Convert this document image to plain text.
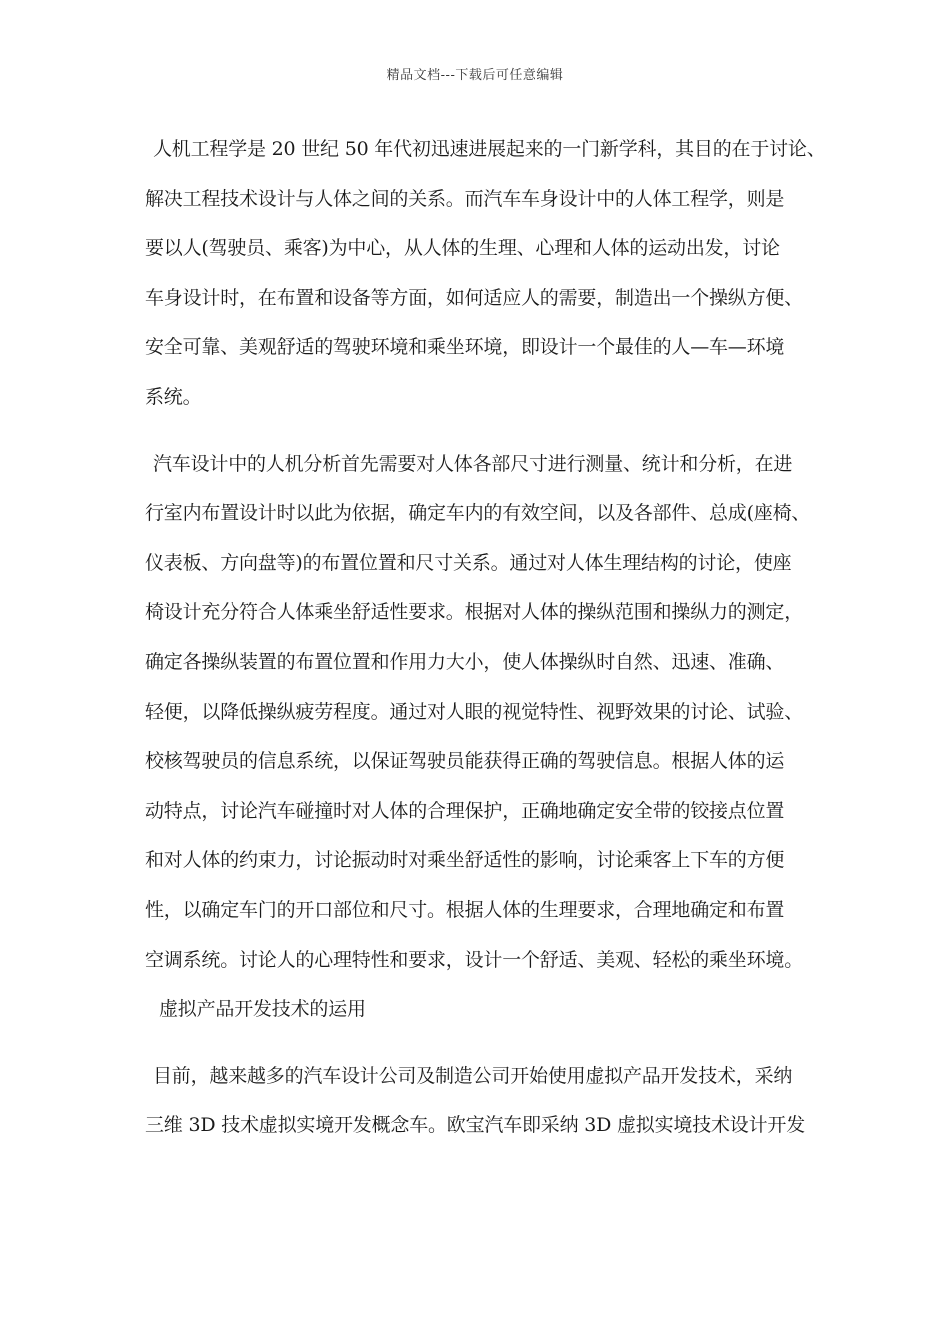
精品文档---下载后可任意编辑
人机工程学是 20 世纪 50 年代初迅速进展起来的一门新学科，其目的在于讨论、
解决工程技术设计与人体之间的关系。而汽车车身设计中的人体工程学，则是
要以人(驾驶员、乘客)为中心，从人体的生理、心理和人体的运动出发，讨论
车身设计时，在布置和设备等方面，如何适应人的需要，制造出一个操纵方便、
安全可靠、美观舒适的驾驶环境和乘坐环境，即设计一个最佳的人—车—环境
系统。
汽车设计中的人机分析首先需要对人体各部尺寸进行测量、统计和分析，在进
行室内布置设计时以此为依据，确定车内的有效空间，以及各部件、总成(座椅、
仪表板、方向盘等)的布置位置和尺寸关系。通过对人体生理结构的讨论，使座
椅设计充分符合人体乘坐舒适性要求。根据对人体的操纵范围和操纵力的测定，
确定各操纵装置的布置位置和作用力大小，使人体操纵时自然、迅速、准确、
轻便，以降低操纵疲劳程度。通过对人眼的视觉特性、视野效果的讨论、试验、
校核驾驶员的信息系统，以保证驾驶员能获得正确的驾驶信息。根据人体的运
动特点，讨论汽车碰撞时对人体的合理保护，正确地确定安全带的铰接点位置
和对人体的约束力，讨论振动时对乘坐舒适性的影响，讨论乘客上下车的方便
性，以确定车门的开口部位和尺寸。根据人体的生理要求，合理地确定和布置
空调系统。讨论人的心理特性和要求，设计一个舒适、美观、轻松的乘坐环境。
虚拟产品开发技术的运用
目前，越来越多的汽车设计公司及制造公司开始使用虚拟产品开发技术，采纳
三维 3D 技术虚拟实境开发概念车。欧宝汽车即采纳 3D 虚拟实境技术设计开发
